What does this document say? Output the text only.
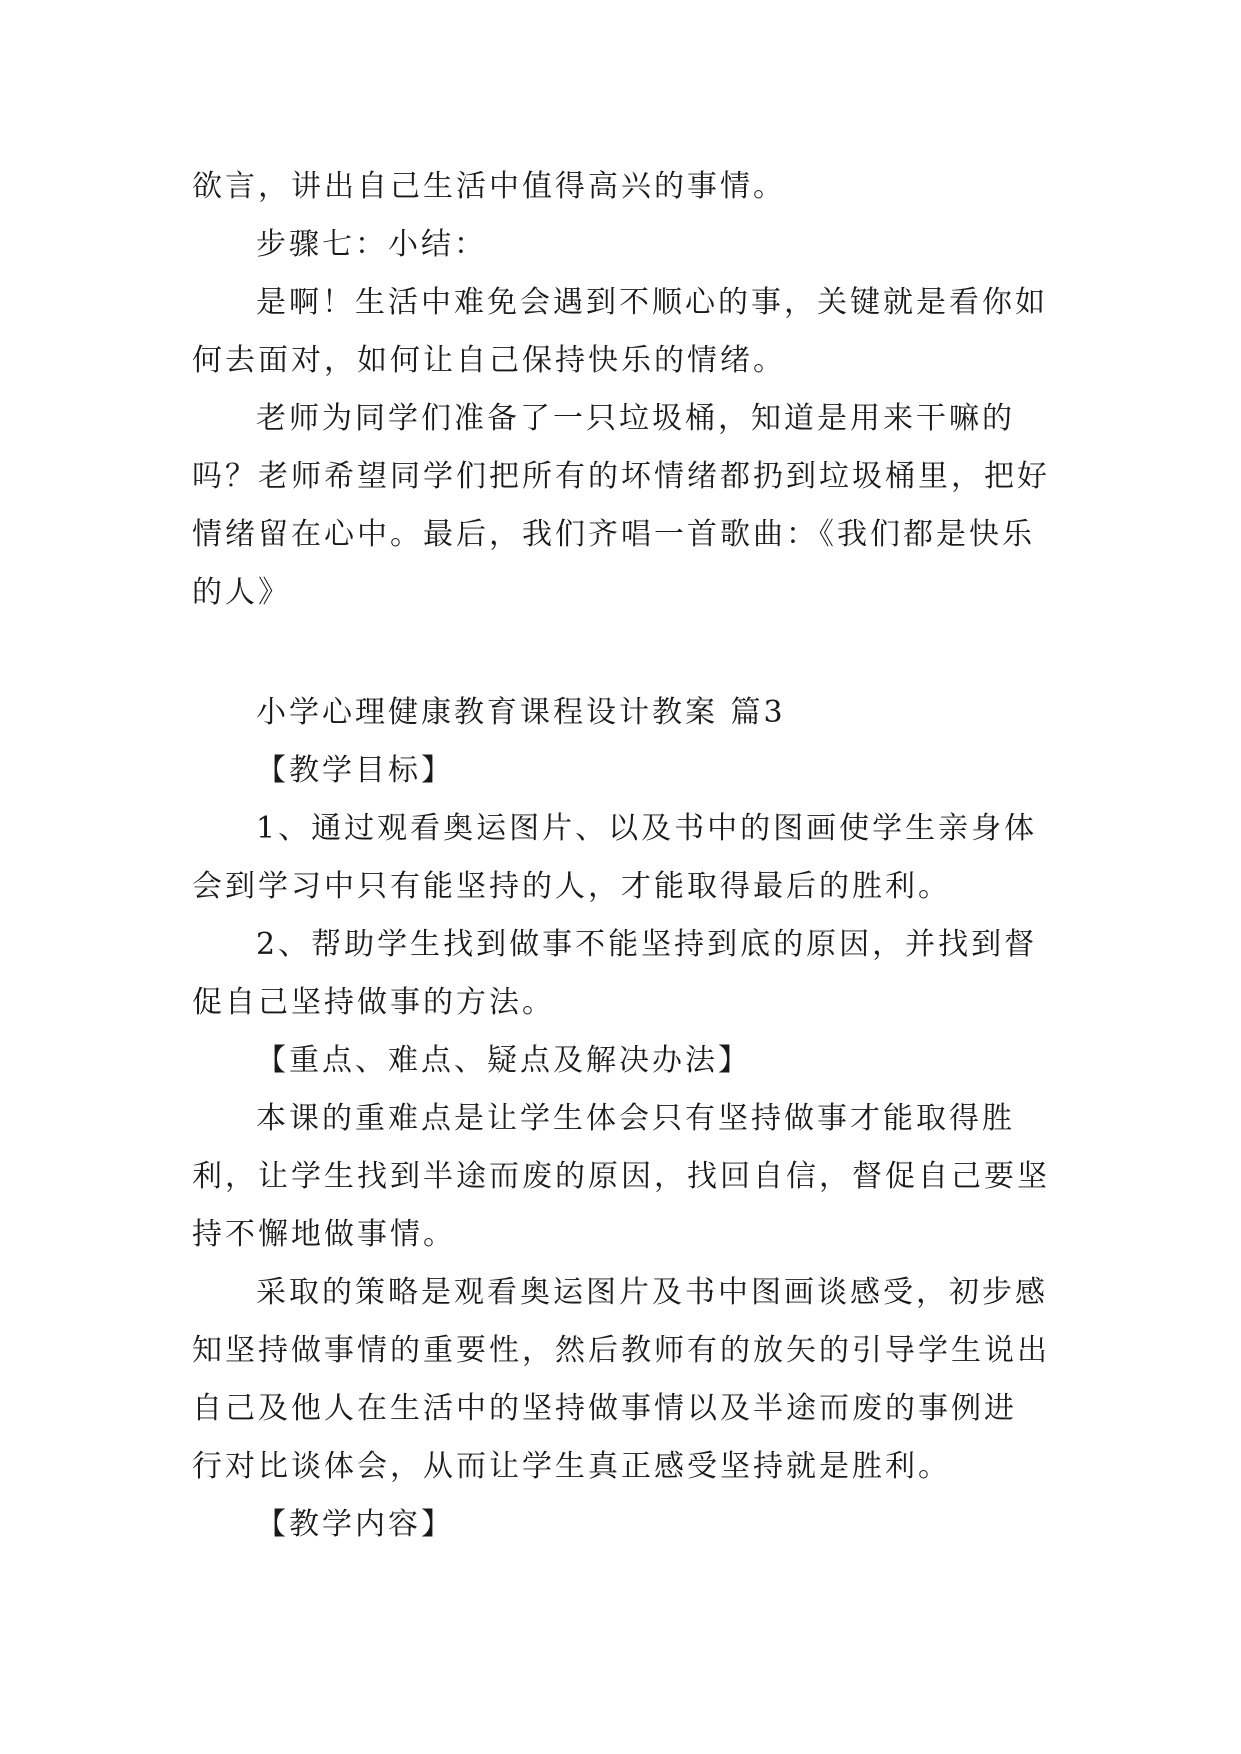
欲言，讲出自己生活中值得高兴的事情。
步骤七：小结：
是啊！生活中难免会遇到不顺心的事，关键就是看你如
何去面对，如何让自己保持快乐的情绪。
老师为同学们准备了一只垃圾桶，知道是用来干嘛的
吗？老师希望同学们把所有的坏情绪都扔到垃圾桶里，把好
情绪留在心中。最后，我们齐唱一首歌曲：《我们都是快乐
的人》
小学心理健康教育课程设计教案 篇3
【教学目标】
1、通过观看奥运图片、以及书中的图画使学生亲身体
会到学习中只有能坚持的人，才能取得最后的胜利。
2、帮助学生找到做事不能坚持到底的原因，并找到督
促自己坚持做事的方法。
【重点、难点、疑点及解决办法】
本课的重难点是让学生体会只有坚持做事才能取得胜
利，让学生找到半途而废的原因，找回自信，督促自己要坚
持不懈地做事情。
采取的策略是观看奥运图片及书中图画谈感受，初步感
知坚持做事情的重要性，然后教师有的放矢的引导学生说出
自己及他人在生活中的坚持做事情以及半途而废的事例进
行对比谈体会，从而让学生真正感受坚持就是胜利。
【教学内容】
